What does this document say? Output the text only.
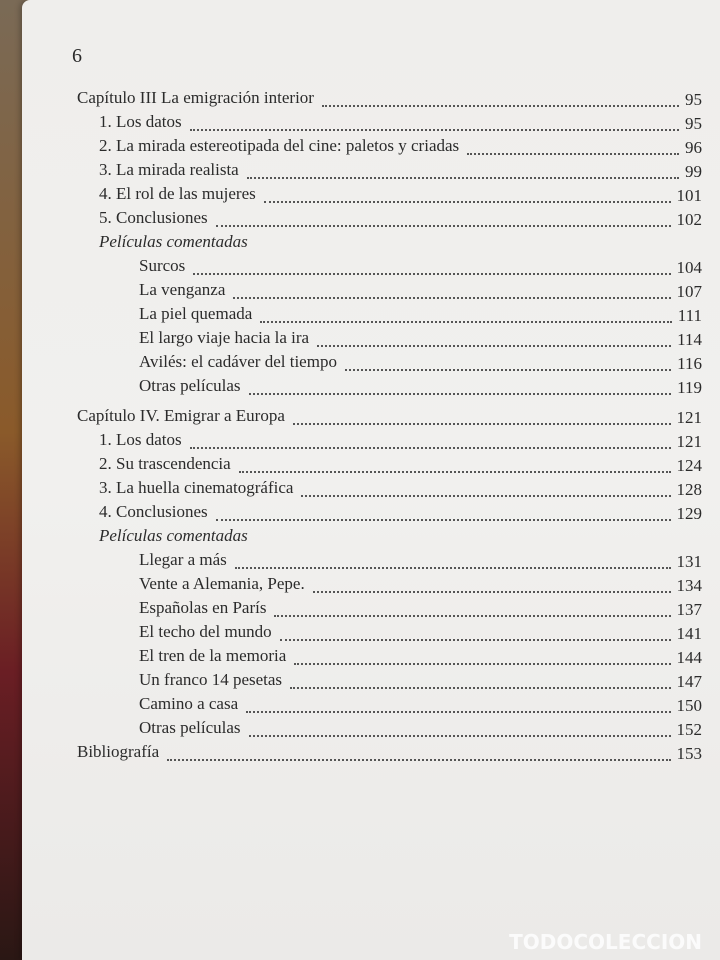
6
Capítulo III La emigración interior	95
1. Los datos	95
2. La mirada estereotipada del cine: paletos y criadas	96
3. La mirada realista	99
4. El rol de las mujeres	101
5. Conclusiones	102
Películas comentadas
Surcos	104
La venganza	107
La piel quemada	111
El largo viaje hacia la ira	114
Avilés: el cadáver del tiempo	116
Otras películas	119
Capítulo IV. Emigrar a Europa	121
1. Los datos	121
2. Su trascendencia	124
3. La huella cinematográfica	128
4. Conclusiones	129
Películas comentadas
Llegar a más	131
Vente a Alemania, Pepe.	134
Españolas en París	137
El techo del mundo	141
El tren de la memoria	144
Un franco 14 pesetas	147
Camino a casa	150
Otras películas	152
Bibliografía	153
TODOCOLECCION
